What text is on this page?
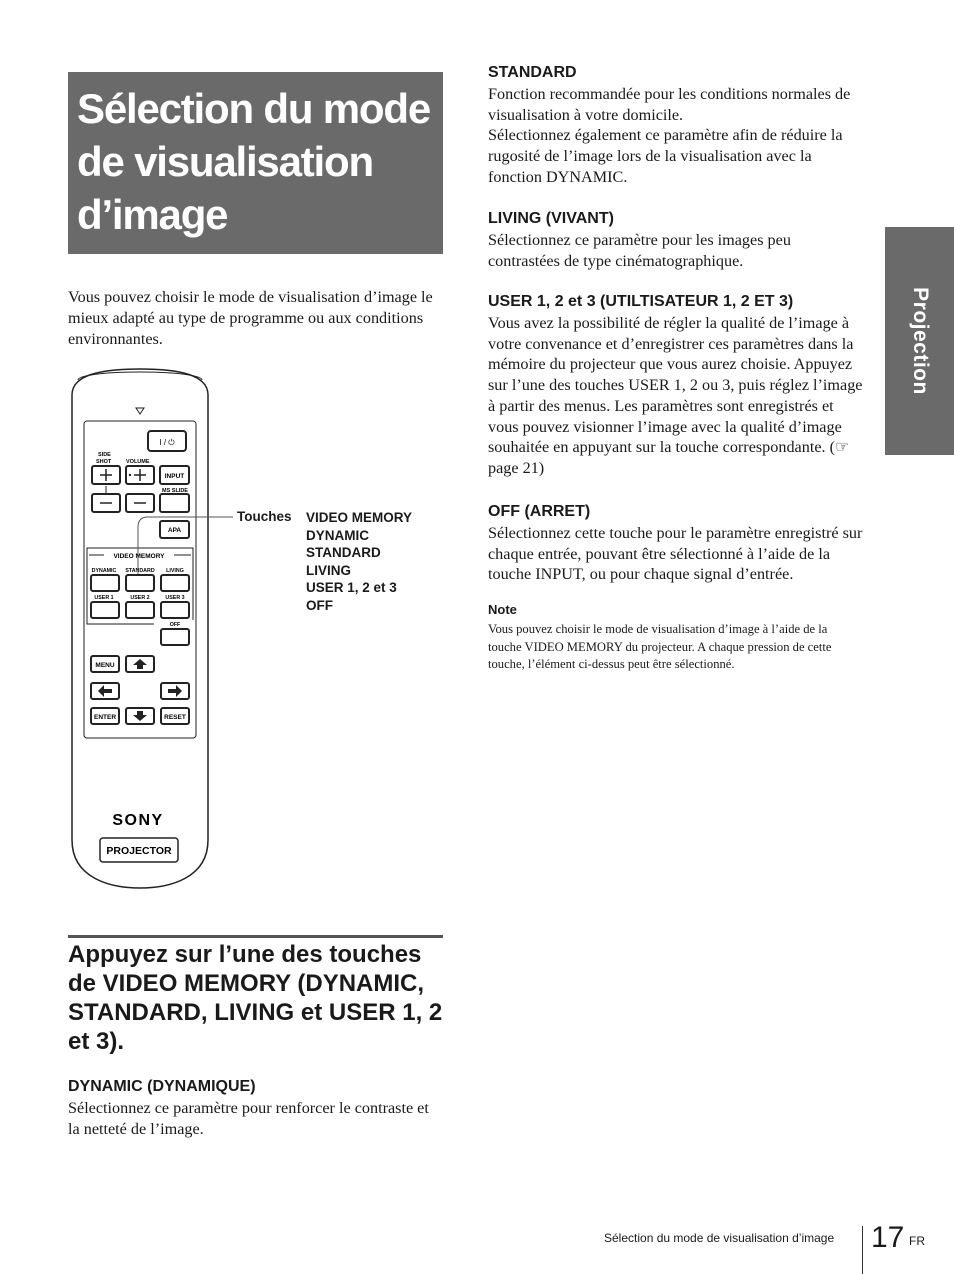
Sélection du mode de visualisation d’image
Projection

Vous pouvez choisir le mode de visualisation d’image le mieux adapté au type de programme ou aux conditions environnantes.

I / ⏻
SIDE
SHOT	VOLUME
INPUT
MS SLIDE
APA
VIDEO MEMORY
DYNAMIC STANDARD LIVING
USER 1	USER 2	USER 3
OFF
MENU
ENTER	RESET
SONY
PROJECTOR
Touches VIDEO MEMORY
DYNAMIC
STANDARD
LIVING
USER 1, 2 et 3
OFF
Appuyez sur l’une des touches de VIDEO MEMORY (DYNAMIC, STANDARD, LIVING et USER 1, 2 et 3).
DYNAMIC (DYNAMIQUE)

Sélectionnez ce paramètre pour renforcer le contraste et la netteté de l’image.

STANDARD

Fonction recommandée pour les conditions normales de visualisation à votre domicile.

Sélectionnez également ce paramètre afin de réduire la rugosité de l’image lors de la visualisation avec la fonction DYNAMIC.

LIVING (VIVANT)

Sélectionnez ce paramètre pour les images peu contrastées de type cinématographique.

USER 1, 2 et 3 (UTILTISATEUR 1, 2 ET 3)

Vous avez la possibilité de régler la qualité de l’image à votre convenance et d’enregistrer ces paramètres dans la mémoire du projecteur que vous aurez choisie. Appuyez sur l’une des touches USER 1, 2 ou 3, puis réglez l’image à partir des menus. Les paramètres sont enregistrés et vous pouvez visionner l’image avec la qualité d’image souhaitée en appuyant sur la touche correspondante. (☞ page 21)

OFF (ARRET)

Sélectionnez cette touche pour le paramètre enregistré sur chaque entrée, pouvant être sélectionné à l’aide de la touche INPUT, ou pour chaque signal d’entrée.

Note

Vous pouvez choisir le mode de visualisation d’image à l’aide de la touche VIDEO MEMORY du projecteur. A chaque pression de cette touche, l’élément ci-dessus peut être sélectionné.

Sélection du mode de visualisation d’image 17 FR
